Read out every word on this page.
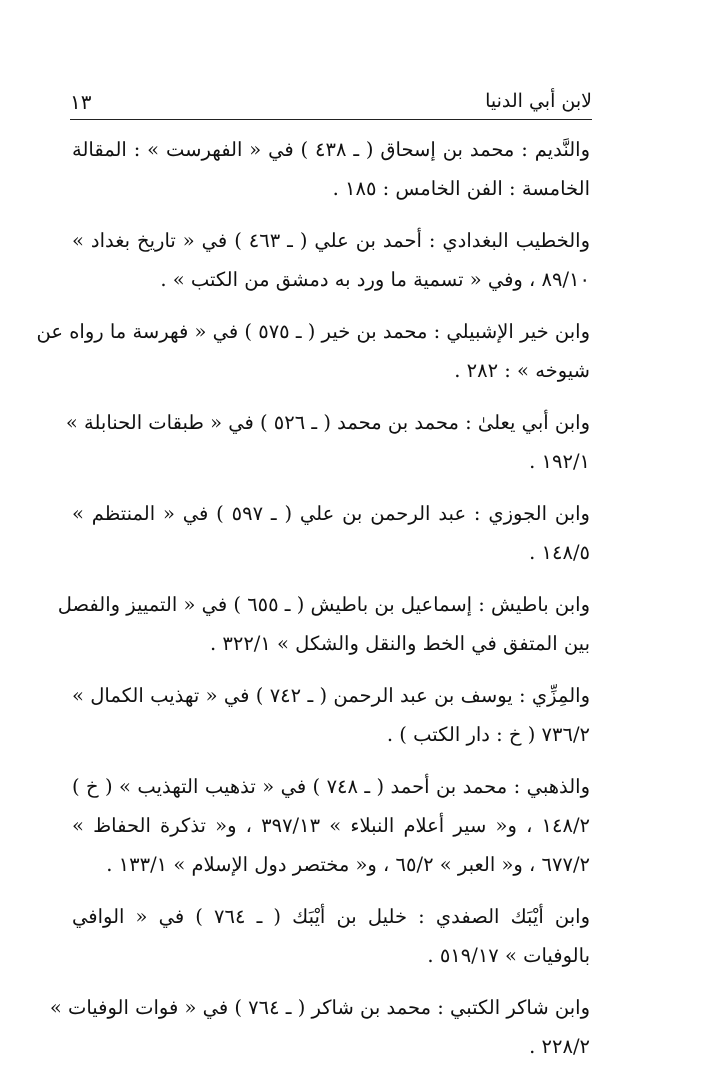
لابن أبي الدنيا
١٣

والنَّديم : محمد بن إسحاق ( ـ ٤٣٨ ) في « الفهرست » : المقالة
الخامسة : الفن الخامس : ١٨٥ .

والخطيب البغدادي : أحمد بن علي ( ـ ٤٦٣ ) في « تاريخ بغداد »
٨٩/١٠ ، وفي « تسمية ما ورد به دمشق من الكتب » .

وابن خير الإشبيلي : محمد بن خير ( ـ ٥٧٥ ) في « فهرسة ما رواه عن
شيوخه » : ٢٨٢ .

وابن أبي يعلىٰ : محمد بن محمد ( ـ ٥٢٦ ) في « طبقات الحنابلة »
١٩٢/١ .

وابن الجوزي : عبد الرحمن بن علي ( ـ ٥٩٧ ) في « المنتظم »
١٤٨/٥ .

وابن باطيش : إسماعيل بن باطيش ( ـ ٦٥٥ ) في « التمييز والفصل
بين المتفق في الخط والنقل والشكل » ٣٢٢/١ .

والمِزِّي : يوسف بن عبد الرحمن ( ـ ٧٤٢ ) في « تهذيب الكمال »
٧٣٦/٢ ( خ : دار الكتب ) .

والذهبي : محمد بن أحمد ( ـ ٧٤٨ ) في « تذهيب التهذيب » ( خ )
١٤٨/٢ ، و« سير أعلام النبلاء » ٣٩٧/١٣ ، و« تذكرة الحفاظ »
٦٧٧/٢ ، و« العبر » ٦٥/٢ ، و« مختصر دول الإسلام » ١٣٣/١ .

وابن أيْبَك الصفدي : خليل بن أيْبَك ( ـ ٧٦٤ ) في « الوافي
بالوفيات » ٥١٩/١٧ .

وابن شاكر الكتبي : محمد بن شاكر ( ـ ٧٦٤ ) في « فوات الوفيات »
٢٢٨/٢ .
